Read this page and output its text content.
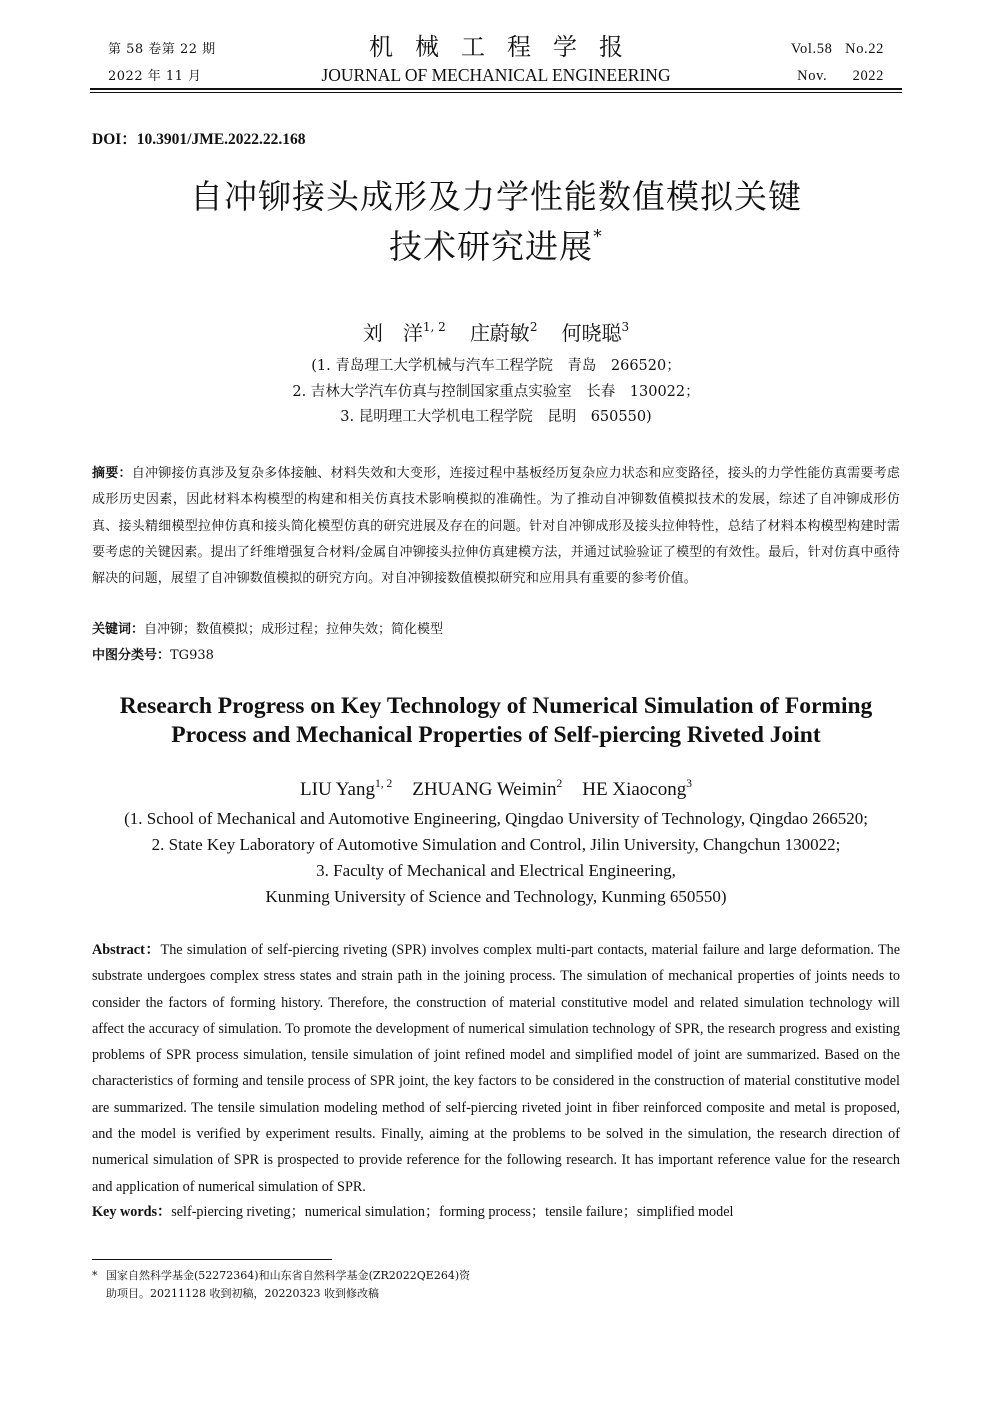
第 58 卷第 22 期
2022 年 11 月
机械工程学报
JOURNAL OF MECHANICAL ENGINEERING
Vol.58 No.22
Nov. 2022
DOI：10.3901/JME.2022.22.168
自冲铆接头成形及力学性能数值模拟关键
技术研究进展*
刘　洋$^{1, 2}$ 庄蔚敏$^2$ 何晓聪$^3$
(1. 青岛理工大学机械与汽车工程学院　青岛　266520；
2. 吉林大学汽车仿真与控制国家重点实验室　长春　130022；
3. 昆明理工大学机电工程学院　昆明　650550)
摘要：自冲铆接仿真涉及复杂多体接触、材料失效和大变形，连接过程中基板经历复杂应力状态和应变路径，接头的力学性能仿真需要考虑成形历史因素，因此材料本构模型的构建和相关仿真技术影响模拟的准确性。为了推动自冲铆数值模拟技术的发展，综述了自冲铆成形仿真、接头精细模型拉伸仿真和接头简化模型仿真的研究进展及存在的问题。针对自冲铆成形及接头拉伸特性，总结了材料本构模型构建时需要考虑的关键因素。提出了纤维增强复合材料/金属自冲铆接头拉伸仿真建模方法，并通过试验验证了模型的有效性。最后，针对仿真中亟待解决的问题，展望了自冲铆数值模拟的研究方向。对自冲铆接数值模拟研究和应用具有重要的参考价值。
关键词：自冲铆；数值模拟；成形过程；拉伸失效；简化模型
中图分类号：TG938
Research Progress on Key Technology of Numerical Simulation of Forming
Process and Mechanical Properties of Self-piercing Riveted Joint
LIU Yang$^{1, 2}$ ZHUANG Weimin$^2$ HE Xiaocong$^3$
(1. School of Mechanical and Automotive Engineering, Qingdao University of Technology, Qingdao 266520;
2. State Key Laboratory of Automotive Simulation and Control, Jilin University, Changchun 130022;
3. Faculty of Mechanical and Electrical Engineering,
Kunming University of Science and Technology, Kunming 650550)
Abstract：The simulation of self-piercing riveting (SPR) involves complex multi-part contacts, material failure and large deformation. The substrate undergoes complex stress states and strain path in the joining process. The simulation of mechanical properties of joints needs to consider the factors of forming history. Therefore, the construction of material constitutive model and related simulation technology will affect the accuracy of simulation. To promote the development of numerical simulation technology of SPR, the research progress and existing problems of SPR process simulation, tensile simulation of joint refined model and simplified model of joint are summarized. Based on the characteristics of forming and tensile process of SPR joint, the key factors to be considered in the construction of material constitutive model are summarized. The tensile simulation modeling method of self-piercing riveted joint in fiber reinforced composite and metal is proposed, and the model is verified by experiment results. Finally, aiming at the problems to be solved in the simulation, the research direction of numerical simulation of SPR is prospected to provide reference for the following research. It has important reference value for the research and application of numerical simulation of SPR.
Key words：self-piercing riveting；numerical simulation；forming process；tensile failure；simplified model
* 国家自然科学基金(52272364)和山东省自然科学基金(ZR2022QE264)资
助项目。20211128 收到初稿，20220323 收到修改稿
